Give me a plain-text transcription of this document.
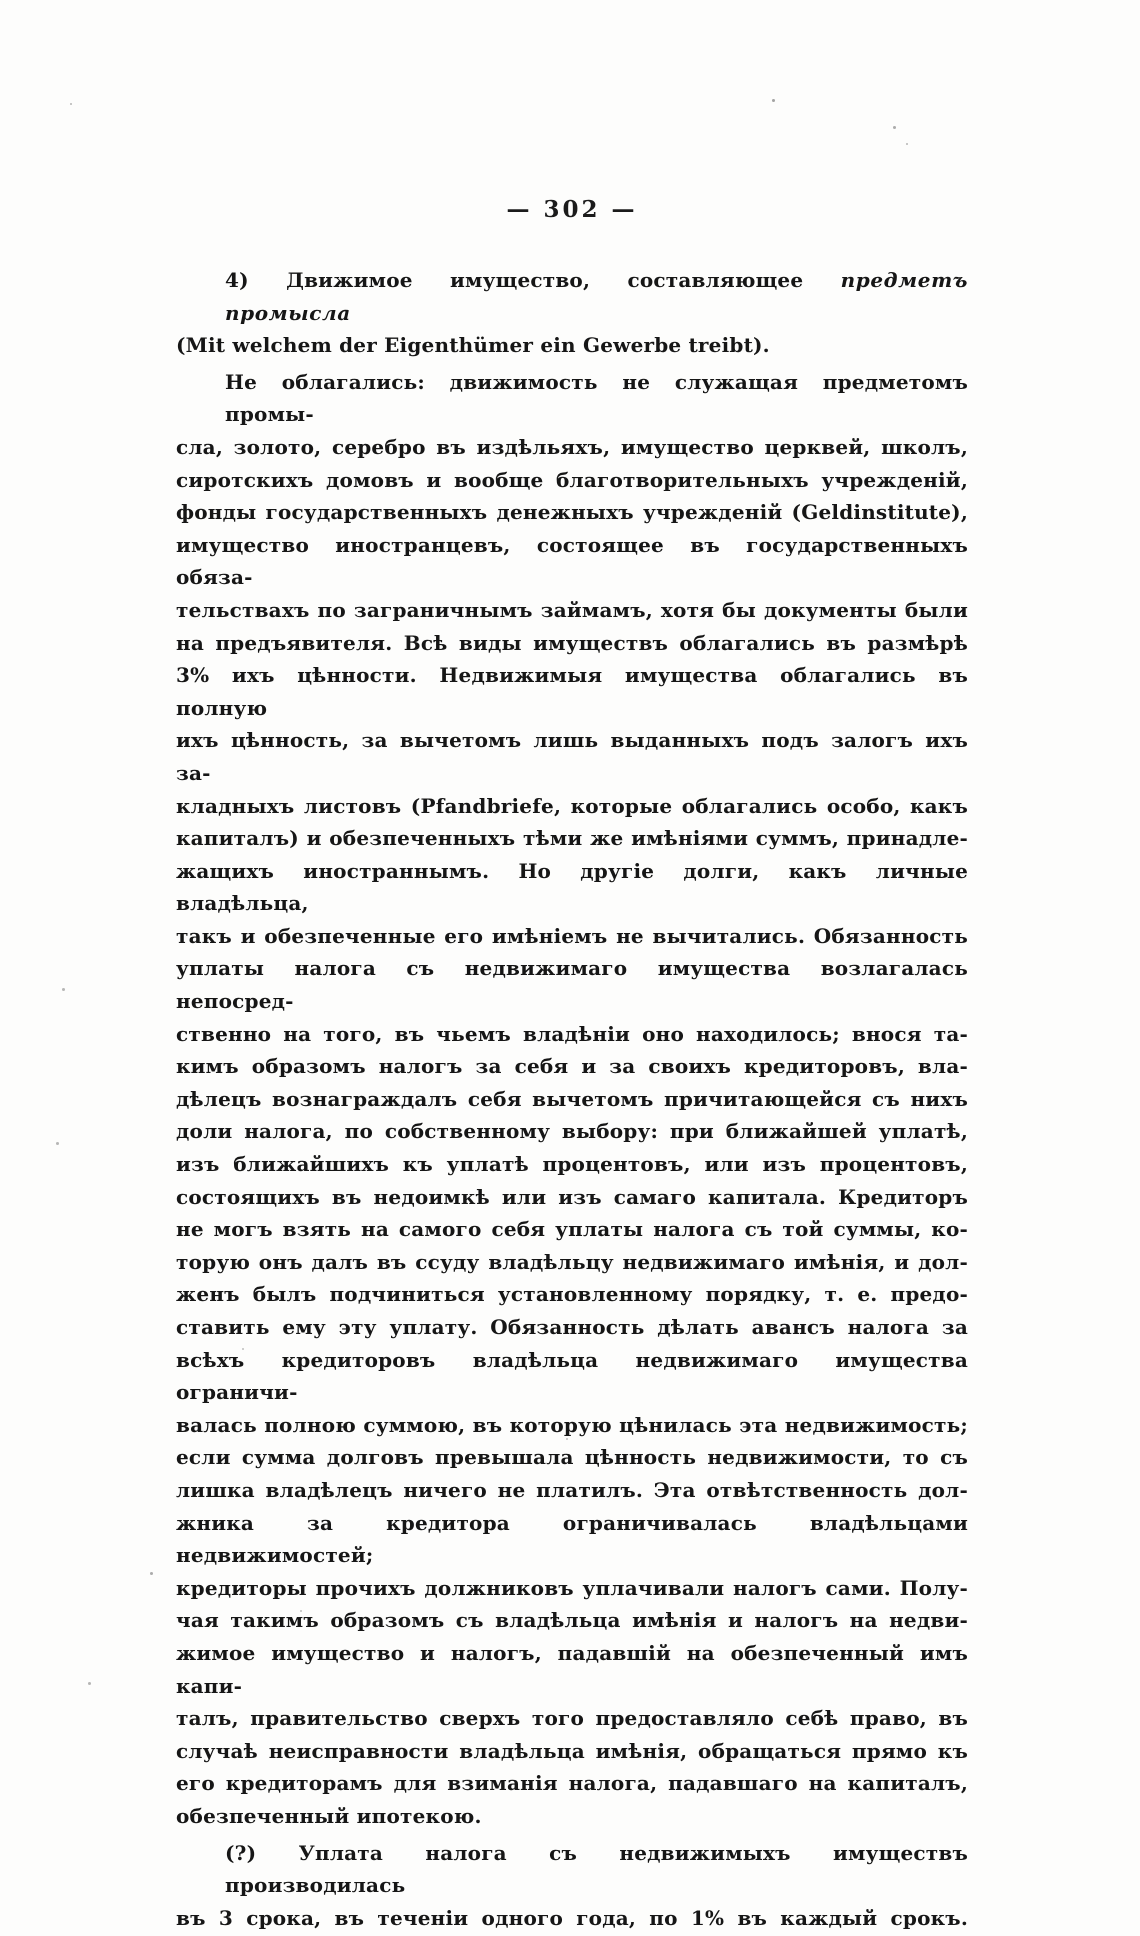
— 302 —
4) Движимое имущество, составляющее предметъ промысла
(Mit welchem der Eigenthümer ein Gewerbe treibt).
Не облагались: движимость не служащая предметомъ промы-
сла, золото, серебро въ издѣльяхъ, имущество церквей, школъ,
сиротскихъ домовъ и вообще благотворительныхъ учрежденій,
фонды государственныхъ денежныхъ учрежденій (Geldinstitute),
имущество иностранцевъ, состоящее въ государственныхъ обяза-
тельствахъ по заграничнымъ займамъ, хотя бы документы были
на предъявителя. Всѣ виды имуществъ облагались въ размѣрѣ
3% ихъ цѣнности. Недвижимыя имущества облагались въ полную
ихъ цѣнность, за вычетомъ лишь выданныхъ подъ залогъ ихъ за-
кладныхъ листовъ (Pfandbriefe, которые облагались особо, какъ
капиталъ) и обезпеченныхъ тѣми же имѣніями суммъ, принадле-
жащихъ иностраннымъ. Но другіе долги, какъ личные владѣльца,
такъ и обезпеченные его имѣніемъ не вычитались. Обязанность
уплаты налога съ недвижимаго имущества возлагалась непосред-
ственно на того, въ чьемъ владѣніи оно находилось; внося та-
кимъ образомъ налогъ за себя и за своихъ кредиторовъ, вла-
дѣлецъ вознаграждалъ себя вычетомъ причитающейся съ нихъ
доли налога, по собственному выбору: при ближайшей уплатѣ,
изъ ближайшихъ къ уплатѣ процентовъ, или изъ процентовъ,
состоящихъ въ недоимкѣ или изъ самаго капитала. Кредиторъ
не могъ взять на самого себя уплаты налога съ той суммы, ко-
торую онъ далъ въ ссуду владѣльцу недвижимаго имѣнія, и дол-
женъ былъ подчиниться установленному порядку, т. е. предо-
ставить ему эту уплату. Обязанность дѣлать авансъ налога за
всѣхъ кредиторовъ владѣльца недвижимаго имущества ограничи-
валась полною суммою, въ которую цѣнилась эта недвижимость;
если сумма долговъ превышала цѣнность недвижимости, то съ
лишка владѣлецъ ничего не платилъ. Эта отвѣтственность дол-
жника за кредитора ограничивалась владѣльцами недвижимостей;
кредиторы прочихъ должниковъ уплачивали налогъ сами. Полу-
чая такимъ образомъ съ владѣльца имѣнія и налогъ на недви-
жимое имущество и налогъ, падавшій на обезпеченный имъ капи-
талъ, правительство сверхъ того предоставляло себѣ право, въ
случаѣ неисправности владѣльца имѣнія, обращаться прямо къ
его кредиторамъ для взиманія налога, падавшаго на капиталъ,
обезпеченный ипотекою.
(?) Уплата налога съ недвижимыхъ имуществъ производилась
въ 3 срока, въ теченіи одного года, по 1% въ каждый срокъ.
